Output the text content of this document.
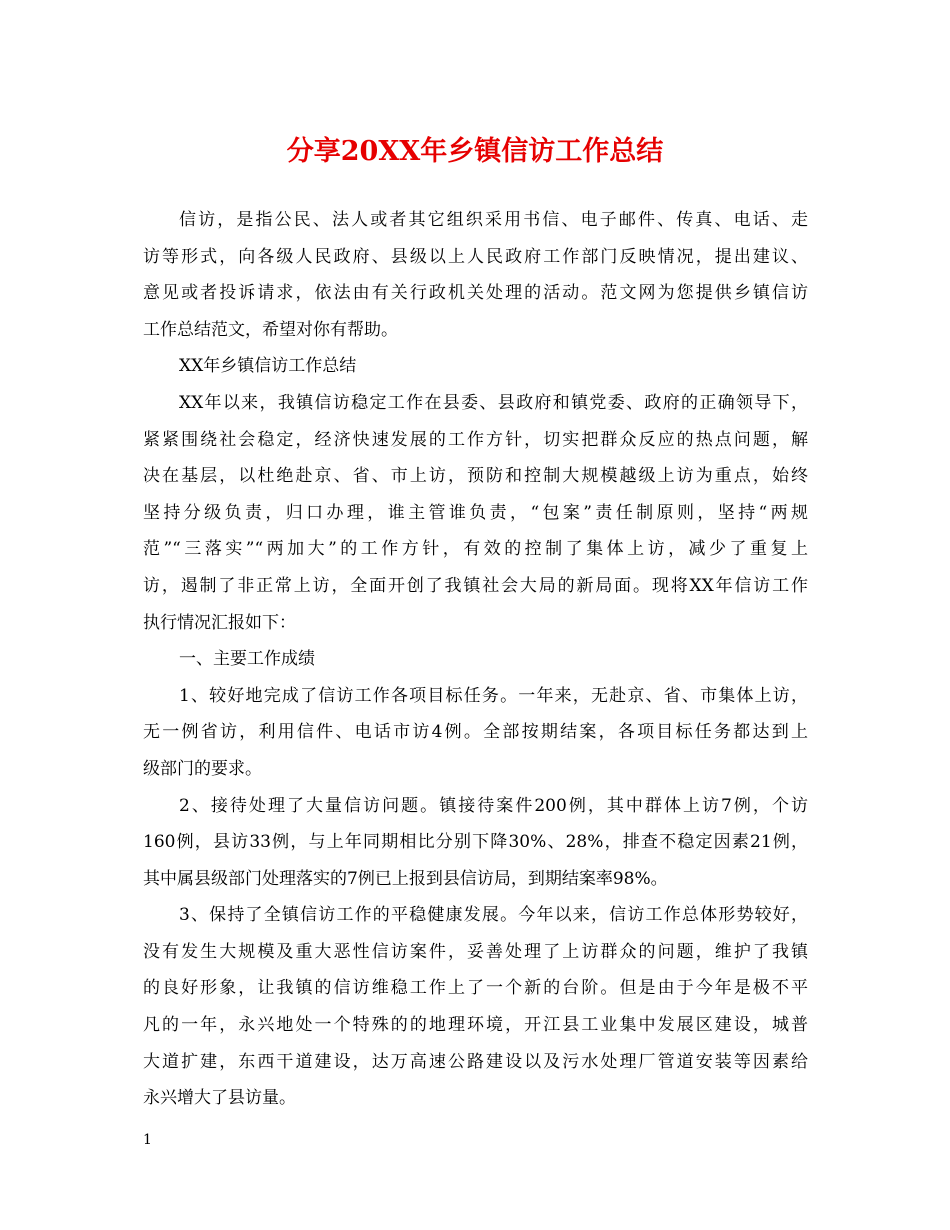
分享20XX年乡镇信访工作总结
信访，是指公民、法人或者其它组织采用书信、电子邮件、传真、电话、走
访等形式，向各级人民政府、县级以上人民政府工作部门反映情况，提出建议、
意见或者投诉请求，依法由有关行政机关处理的活动。范文网为您提供乡镇信访
工作总结范文，希望对你有帮助。
XX年乡镇信访工作总结
XX年以来，我镇信访稳定工作在县委、县政府和镇党委、政府的正确领导下，
紧紧围绕社会稳定，经济快速发展的工作方针，切实把群众反应的热点问题，解
决在基层，以杜绝赴京、省、市上访，预防和控制大规模越级上访为重点，始终
坚持分级负责，归口办理，谁主管谁负责，“包案”责任制原则，坚持“两规
范”“三落实”“两加大”的工作方针，有效的控制了集体上访，减少了重复上
访，遏制了非正常上访，全面开创了我镇社会大局的新局面。现将XX年信访工作
执行情况汇报如下：
一、主要工作成绩
1、较好地完成了信访工作各项目标任务。一年来，无赴京、省、市集体上访，
无一例省访，利用信件、电话市访4例。全部按期结案，各项目标任务都达到上
级部门的要求。
2、接待处理了大量信访问题。镇接待案件200例，其中群体上访7例，个访
160例，县访33例，与上年同期相比分别下降30%、28%，排查不稳定因素21例，
其中属县级部门处理落实的7例已上报到县信访局，到期结案率98%。
3、保持了全镇信访工作的平稳健康发展。今年以来，信访工作总体形势较好，
没有发生大规模及重大恶性信访案件，妥善处理了上访群众的问题，维护了我镇
的良好形象，让我镇的信访维稳工作上了一个新的台阶。但是由于今年是极不平
凡的一年，永兴地处一个特殊的的地理环境，开江县工业集中发展区建设，城普
大道扩建，东西干道建设，达万高速公路建设以及污水处理厂管道安装等因素给
永兴增大了县访量。
1
